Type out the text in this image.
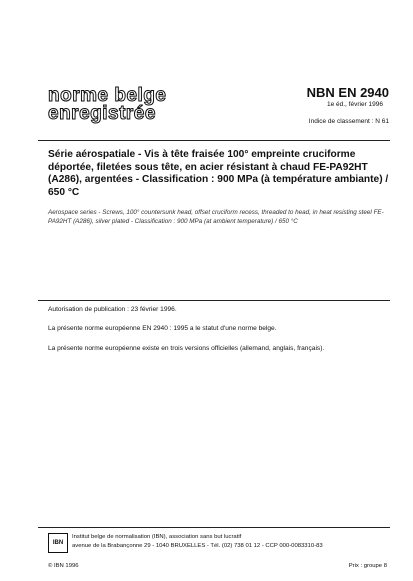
norme belge
enregistrée
NBN EN 2940
1e éd., février 1996
Indice de classement : N 61
Série aérospatiale - Vis à tête fraisée 100° empreinte cruciforme déportée, filetées sous tête, en acier résistant à chaud FE-PA92HT (A286), argentées - Classification : 900 MPa (à température ambiante) / 650 °C
Aerospace series - Screws, 100° countersunk head, offset cruciform recess, threaded to head, in heat resisting steel FE-PA92HT (A286), silver plated - Classification : 900 MPa (at ambient temperature) / 650 °C
Autorisation de publication : 23 février 1996.
La présente norme européenne EN 2940 : 1995 a le statut d'une norme belge.
La présente norme européenne existe en trois versions officielles (allemand, anglais, français).
IBN
Institut belge de normalisation (IBN), association sans but lucratif
avenue de la Brabançonne 29 - 1040 BRUXELLES - Tél. (02) 738 01 12 - CCP 000-0083310-83
© IBN 1996	Prix : groupe 8
